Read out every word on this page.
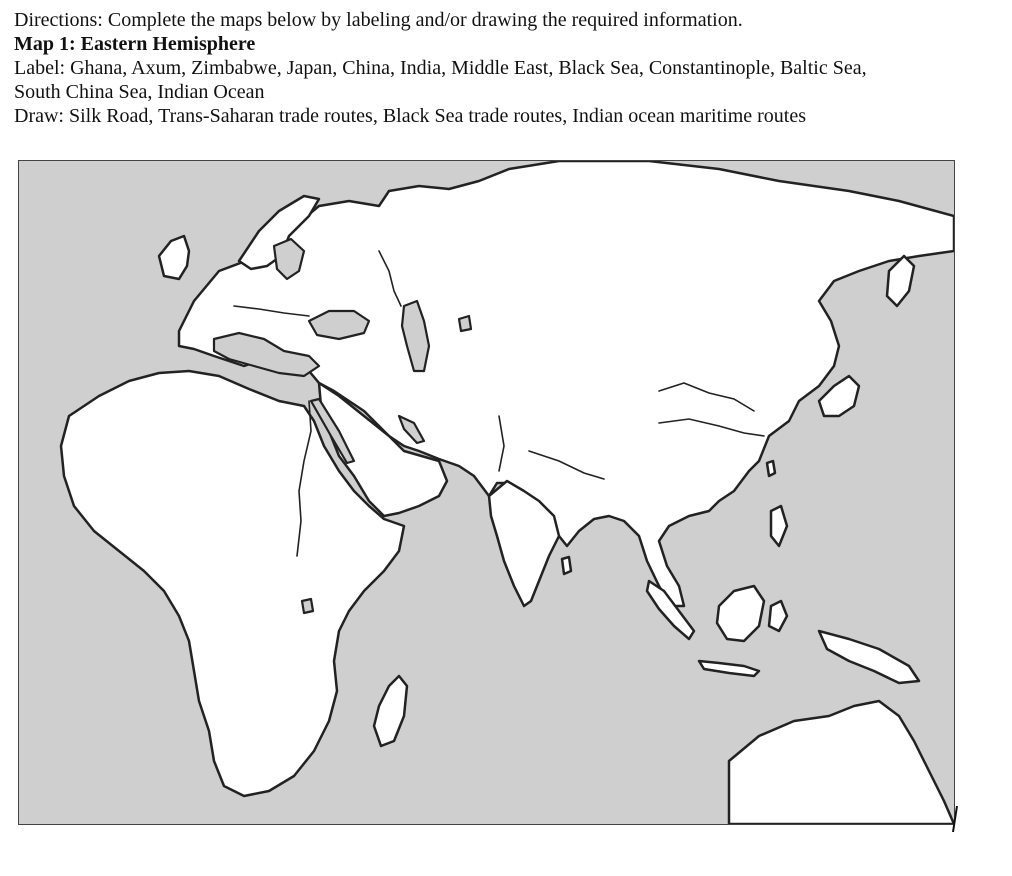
Directions: Complete the maps below by labeling and/or drawing the required information.
Map 1: Eastern Hemisphere
Label: Ghana, Axum, Zimbabwe, Japan, China, India, Middle East, Black Sea, Constantinople, Baltic Sea,
South China Sea, Indian Ocean
Draw: Silk Road, Trans-Saharan trade routes, Black Sea trade routes, Indian ocean maritime routes
